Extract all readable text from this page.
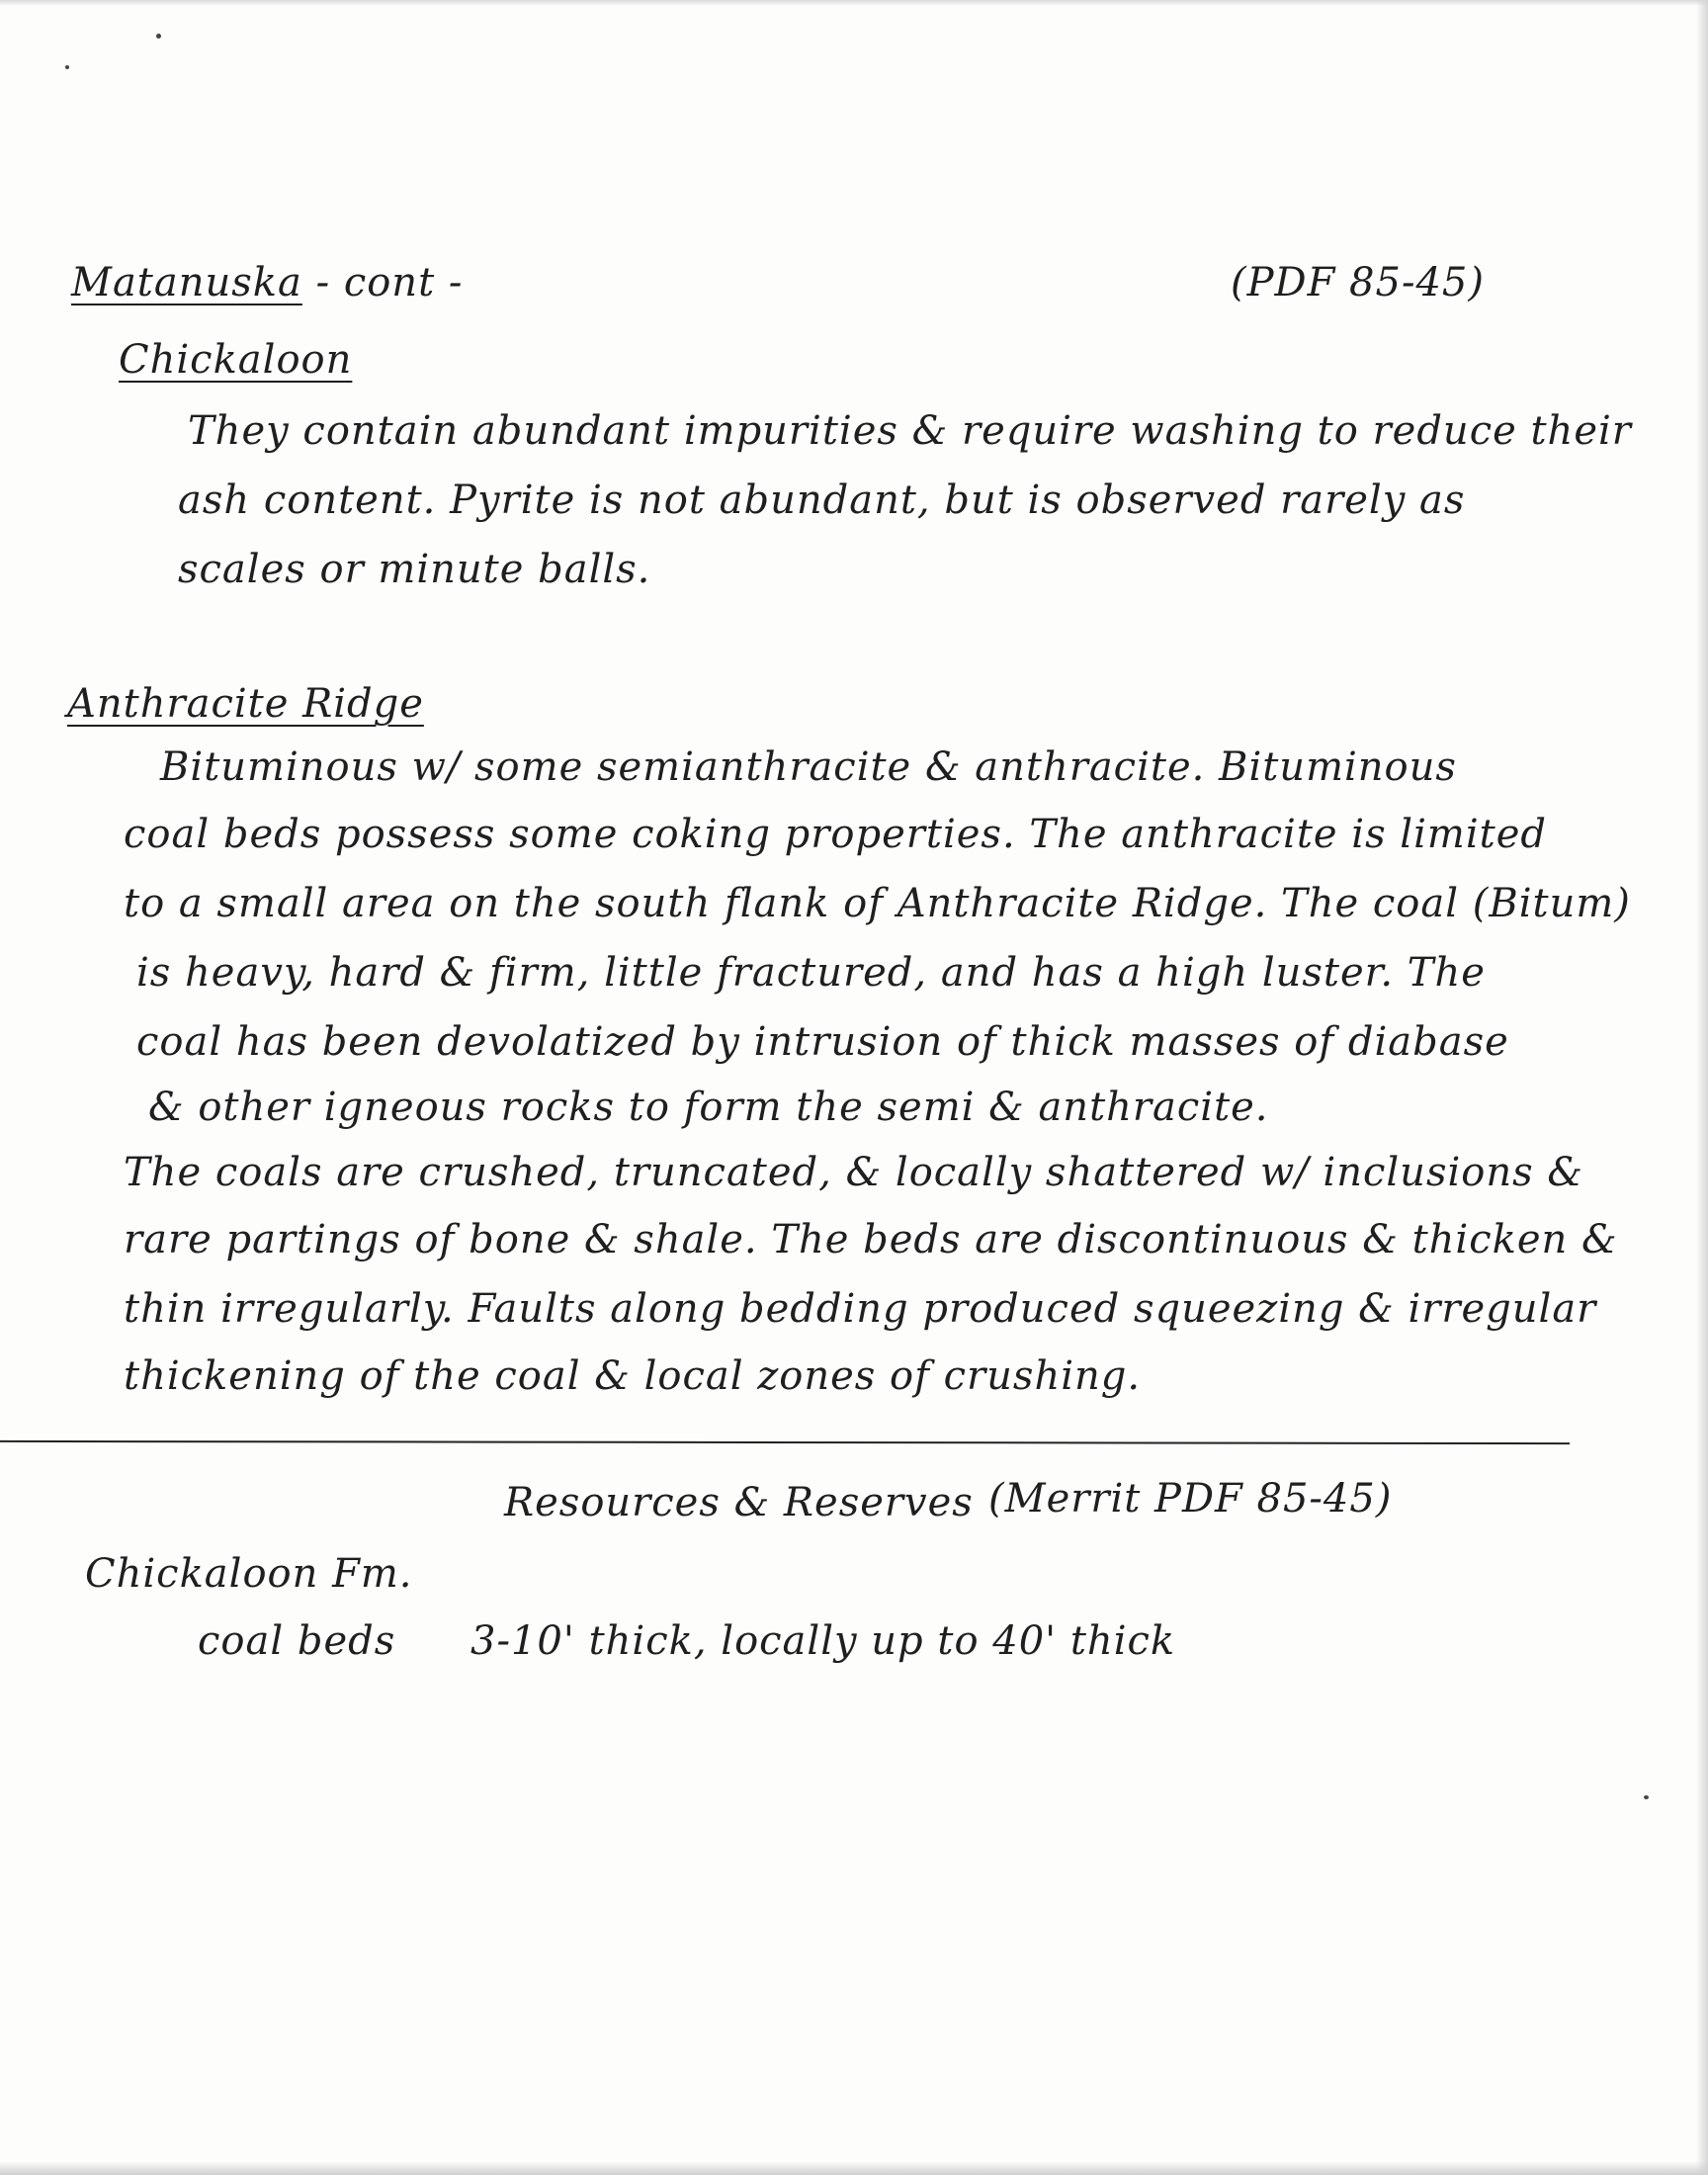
Matanuska - cont -	(PDF 85-45)
Chickaloon
They contain abundant impurities & require washing to reduce their
ash content. Pyrite is not abundant, but is observed rarely as
scales or minute balls.
Anthracite Ridge
Bituminous w/ some semianthracite & anthracite. Bituminous
coal beds possess some coking properties. The anthracite is limited
to a small area on the south flank of Anthracite Ridge. The coal (Bitum)
is heavy, hard & firm, little fractured, and has a high luster. The
coal has been devolatized by intrusion of thick masses of diabase
& other igneous rocks to form the semi & anthracite.
The coals are crushed, truncated, & locally shattered w/ inclusions &
rare partings of bone & shale. The beds are discontinuous & thicken &
thin irregularly. Faults along bedding produced squeezing & irregular
thickening of the coal & local zones of crushing.
Resources & Reserves (Merrit PDF 85-45)
Chickaloon Fm.
coal beds 3-10' thick, locally up to 40' thick
